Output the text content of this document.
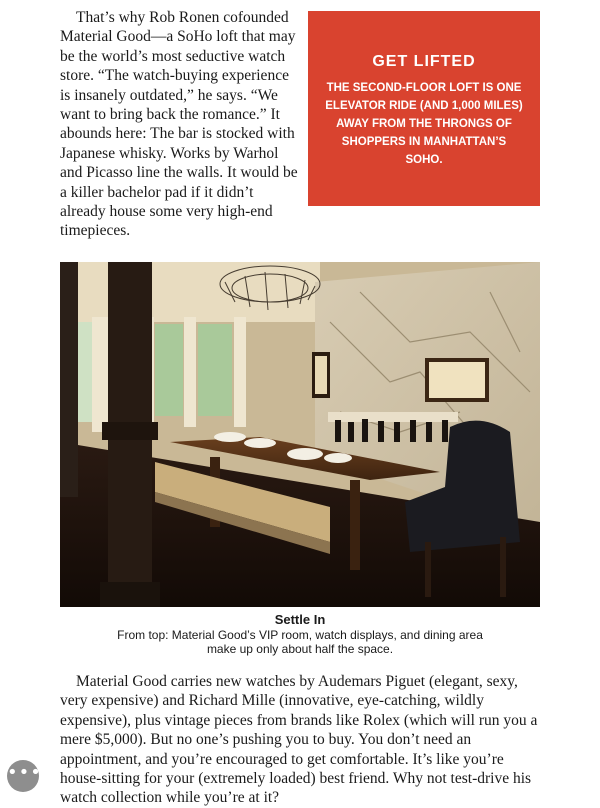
That’s why Rob Ronen cofounded Material Good—a SoHo loft that may be the world’s most seductive watch store. “The watch-buying experience is insanely outdated,” he says. “We want to bring back the romance.” It abounds here: The bar is stocked with Japanese whisky. Works by Warhol and Picasso line the walls. It would be a killer bachelor pad if it didn’t already house some very high-end timepieces.

GET LIFTED
THE SECOND-FLOOR LOFT IS ONE ELEVATOR RIDE (AND 1,000 MILES) AWAY FROM THE THRONGS OF SHOPPERS IN MANHATTAN’S SOHO.
Settle In
From top: Material Good’s VIP room, watch displays, and dining area make up only about half the space.

Material Good carries new watches by Audemars Piguet (elegant, sexy, very expensive) and Richard Mille (innovative, eye-catching, wildly expensive), plus vintage pieces from brands like Rolex (which will run you a mere $5,000). But no one’s pushing you to buy. You don’t need an appointment, and you’re encouraged to get comfortable. It’s like you’re house-sitting for your (extremely loaded) best friend. Why not test-drive his watch collection while you’re at it?

•••
